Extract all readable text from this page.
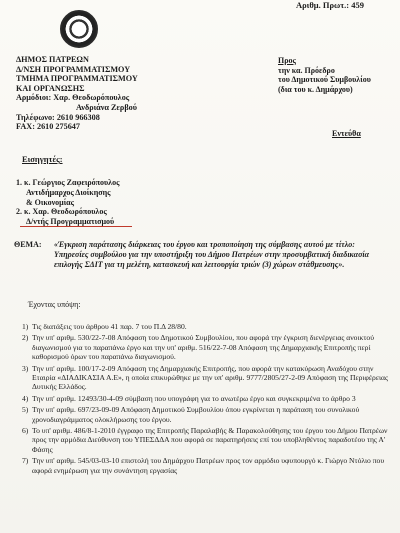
Αριθμ. Πρωτ.: 459
ΔΗΜΟΣ ΠΑΤΡΕΩΝ
Δ/ΝΣΗ ΠΡΟΓΡΑΜΜΑΤΙΣΜΟΥ
ΤΜΗΜΑ ΠΡΟΓΡΑΜΜΑΤΙΣΜΟΥ
ΚΑΙ ΟΡΓΑΝΩΣΗΣ
Αρμόδιοι: Χαρ. Θεοδωρόπουλος
Ανδριάνα Ζερβού
Τηλέφωνο: 2610 966308
FAX: 2610 275647
Προς
την κα. Πρόεδρο
του Δημοτικού Συμβουλίου
(δια του κ. Δημάρχου)
Εντεύθα
Εισηγητές:
1. κ. Γεώργιος Ζαφειρόπουλος
Αντιδήμαρχος Διοίκησης
& Οικονομίας
2. κ. Χαρ. Θεοδωρόπουλος
Δ/ντής Προγραμματισμού
ΘΕΜΑ: «Έγκριση παράτασης διάρκειας του έργου και τροποποίηση της σύμβασης αυτού με τίτλο: Υπηρεσίες συμβούλου για την υποστήριξη του Δήμου Πατρέων στην προσυμβατική διαδικασία επιλογής ΣΔΙΤ για τη μελέτη, κατασκευή και λειτουργία τριών (3) χώρων στάθμευσης».
Έχοντας υπόψη:
1) Τις διατάξεις του άρθρου 41 παρ. 7 του Π.Δ 28/80.
2) Την υπ' αριθμ. 530/22-7-08 Απόφαση του Δημοτικού Συμβουλίου, που αφορά την έγκριση διενέργειας ανοικτού διαγωνισμού για το παραπάνω έργο και την υπ' αριθμ. 516/22-7-08 Απόφαση της Δημαρχιακής Επιτροπής περί καθορισμού όρων του παραπάνω διαγωνισμού.
3) Την υπ' αριθμ. 100/17-2-09 Απόφαση της Δημαρχιακής Επιτροπής, που αφορά την κατακύρωση Αναδόχου στην Εταιρία «ΔΙΑΔΙΚΑΣΙΑ Α.Ε», η οποία επικυρώθηκε με την υπ' αριθμ. 9777/2805/27-2-09 Απόφαση της Περιφέρειας Δυτικής Ελλάδος.
4) Την υπ' αριθμ. 12493/30-4-09 σύμβαση που υπογράφη για το ανωτέρω έργο και συγκεκριμένα το άρθρο 3
5) Την υπ' αριθμ. 697/23-09-09 Απόφαση Δημοτικού Συμβουλίου όπου εγκρίνεται η παράταση του συνολικού χρονοδιαγράμματος ολοκλήρωσης του έργου.
6) Το υπ' αριθμ. 486/8-1-2010 έγγραφο της Επιτροπής Παραλαβής & Παρακολούθησης του έργου του Δήμου Πατρέων προς την αρμόδια Διεύθυνση του ΥΠΕΣΔΔΑ που αφορά σε παρατηρήσεις επί του υποβληθέντος παραδοτέου της Α' Φάσης
7) Την υπ' αριθμ. 545/03-03-10 επιστολή του Δημάρχου Πατρέων προς τον αρμόδιο υφυπουργό κ. Γιώργο Ντόλιο που αφορά ενημέρωση για την συνάντηση εργασίας
